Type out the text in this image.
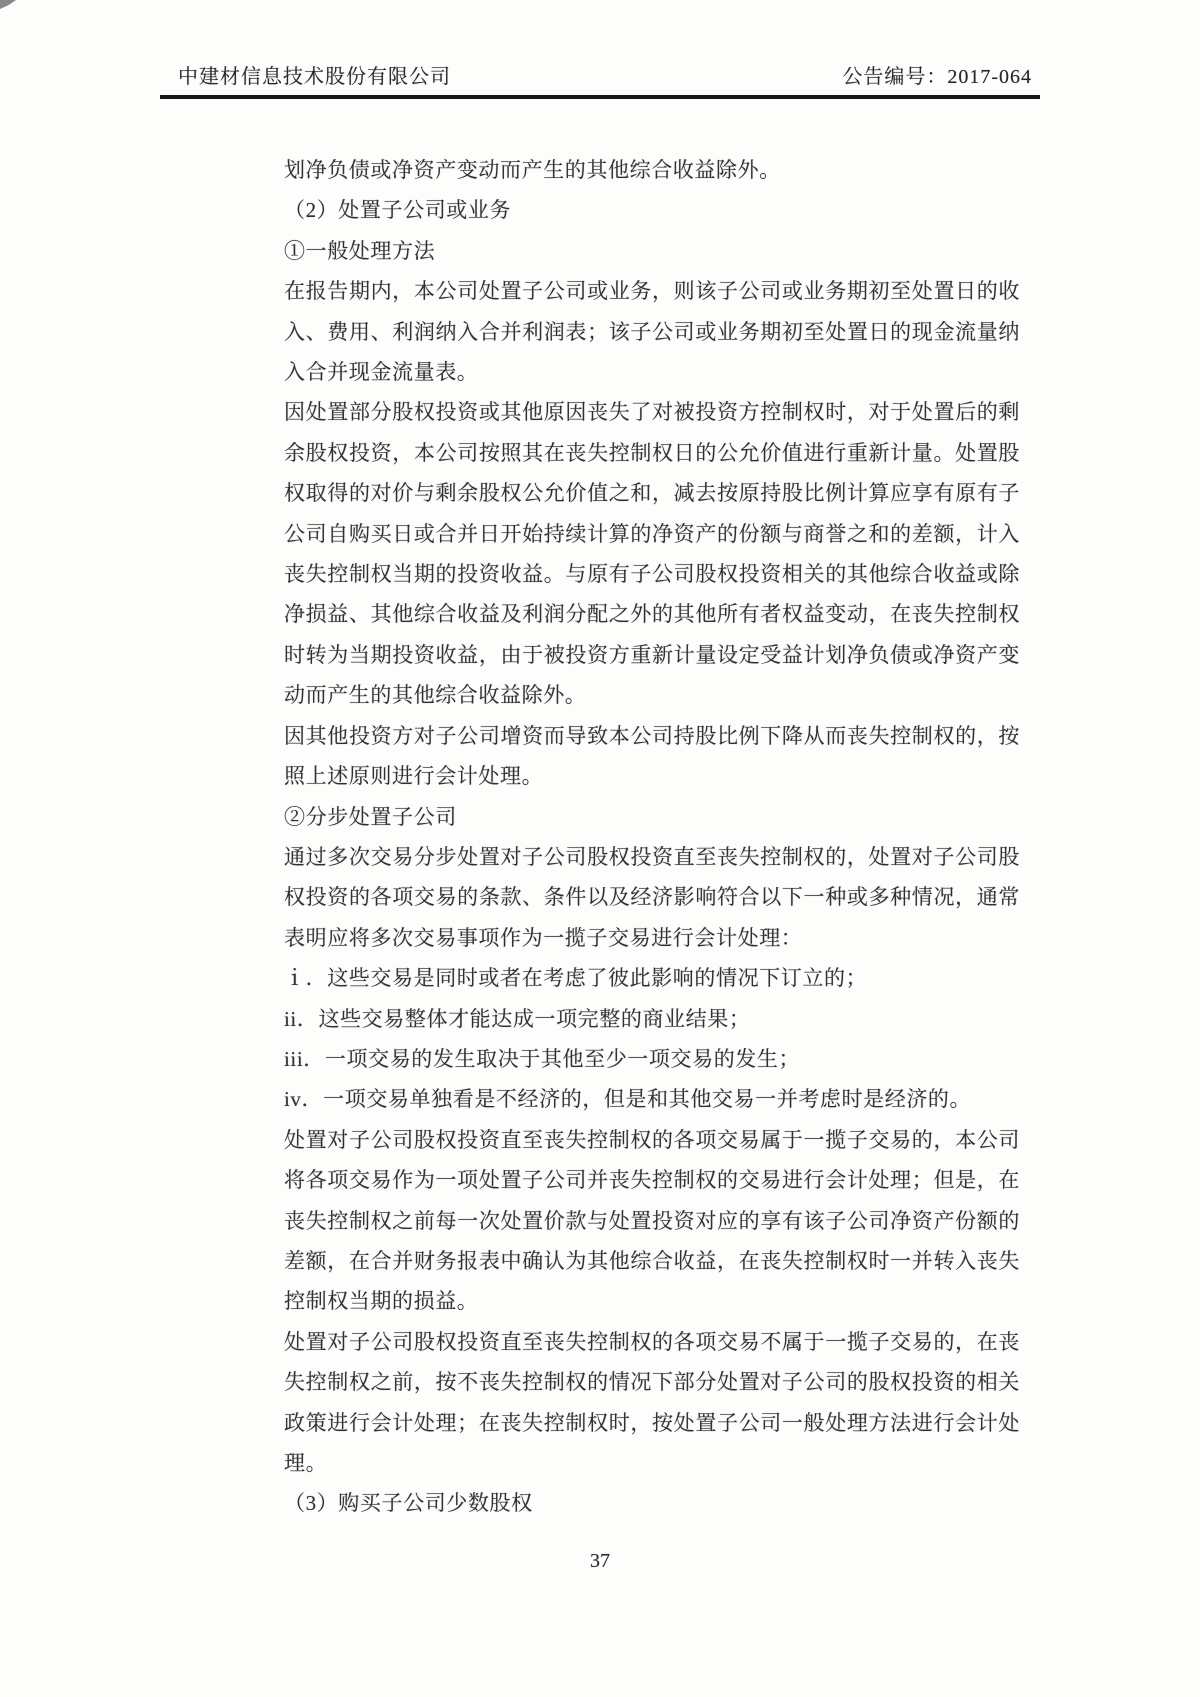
中建材信息技术股份有限公司	公告编号：2017-064

划净负债或净资产变动而产生的其他综合收益除外。

（2）处置子公司或业务

①一般处理方法

在报告期内，本公司处置子公司或业务，则该子公司或业务期初至处置日的收入、费用、利润纳入合并利润表；该子公司或业务期初至处置日的现金流量纳入合并现金流量表。

因处置部分股权投资或其他原因丧失了对被投资方控制权时，对于处置后的剩余股权投资，本公司按照其在丧失控制权日的公允价值进行重新计量。处置股权取得的对价与剩余股权公允价值之和，减去按原持股比例计算应享有原有子公司自购买日或合并日开始持续计算的净资产的份额与商誉之和的差额，计入丧失控制权当期的投资收益。与原有子公司股权投资相关的其他综合收益或除净损益、其他综合收益及利润分配之外的其他所有者权益变动，在丧失控制权时转为当期投资收益，由于被投资方重新计量设定受益计划净负债或净资产变动而产生的其他综合收益除外。

因其他投资方对子公司增资而导致本公司持股比例下降从而丧失控制权的，按照上述原则进行会计处理。

②分步处置子公司

通过多次交易分步处置对子公司股权投资直至丧失控制权的，处置对子公司股权投资的各项交易的条款、条件以及经济影响符合以下一种或多种情况，通常表明应将多次交易事项作为一揽子交易进行会计处理：

ｉ．这些交易是同时或者在考虑了彼此影响的情况下订立的；

ii．这些交易整体才能达成一项完整的商业结果；

iii．一项交易的发生取决于其他至少一项交易的发生；

iv．一项交易单独看是不经济的，但是和其他交易一并考虑时是经济的。

处置对子公司股权投资直至丧失控制权的各项交易属于一揽子交易的，本公司将各项交易作为一项处置子公司并丧失控制权的交易进行会计处理；但是，在丧失控制权之前每一次处置价款与处置投资对应的享有该子公司净资产份额的差额，在合并财务报表中确认为其他综合收益，在丧失控制权时一并转入丧失控制权当期的损益。

处置对子公司股权投资直至丧失控制权的各项交易不属于一揽子交易的，在丧失控制权之前，按不丧失控制权的情况下部分处置对子公司的股权投资的相关政策进行会计处理；在丧失控制权时，按处置子公司一般处理方法进行会计处理。

（3）购买子公司少数股权

37
